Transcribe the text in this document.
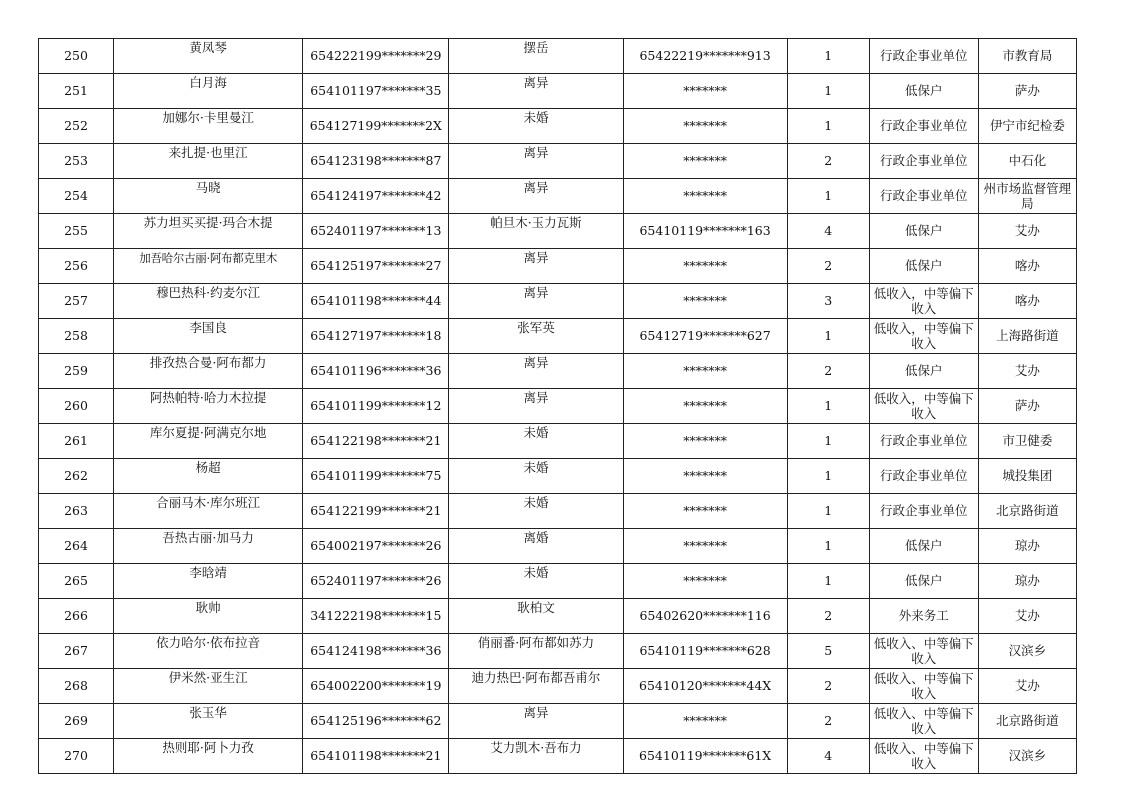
250	黄凤琴	654222199*******29	摆岳	65422219*******913	1	行政企事业单位	市教育局
251	白月海	654101197*******35	离异	*******	1	低保户	萨办
252	加娜尔·卡里曼江	654127199*******2X	未婚	*******	1	行政企事业单位	伊宁市纪检委
253	来扎提·也里江	654123198*******87	离异	*******	2	行政企事业单位	中石化
254	马晓	654124197*******42	离异	*******	1	行政企事业单位	州市场监督管理局
255	苏力坦买买提·玛合木提	652401197*******13	帕旦木·玉力瓦斯	65410119*******163	4	低保户	艾办
256	加吾哈尔古丽·阿布都克里木	654125197*******27	离异	*******	2	低保户	喀办
257	穆巴热科·约麦尔江	654101198*******44	离异	*******	3	低收入，中等偏下收入	喀办
258	李国良	654127197*******18	张军英	65412719*******627	1	低收入，中等偏下收入	上海路街道
259	排孜热合曼·阿布都力	654101196*******36	离异	*******	2	低保户	艾办
260	阿热帕特·哈力木拉提	654101199*******12	离异	*******	1	低收入，中等偏下收入	萨办
261	库尔夏提·阿满克尔地	654122198*******21	未婚	*******	1	行政企事业单位	市卫健委
262	杨超	654101199*******75	未婚	*******	1	行政企事业单位	城投集团
263	合丽马木·库尔班江	654122199*******21	未婚	*******	1	行政企事业单位	北京路街道
264	吾热古丽·加马力	654002197*******26	离婚	*******	1	低保户	琼办
265	李晗靖	652401197*******26	未婚	*******	1	低保户	琼办
266	耿帅	341222198*******15	耿柏文	65402620*******116	2	外来务工	艾办
267	依力哈尔·依布拉音	654124198*******36	俏丽番·阿布都如苏力	65410119*******628	5	低收入、中等偏下收入	汉滨乡
268	伊米然·亚生江	654002200*******19	迪力热巴·阿布都吾甫尔	65410120*******44X	2	低收入、中等偏下收入	艾办
269	张玉华	654125196*******62	离异	*******	2	低收入、中等偏下收入	北京路街道
270	热则耶·阿卜力孜	654101198*******21	艾力凯木·吾布力	65410119*******61X	4	低收入、中等偏下收入	汉滨乡
